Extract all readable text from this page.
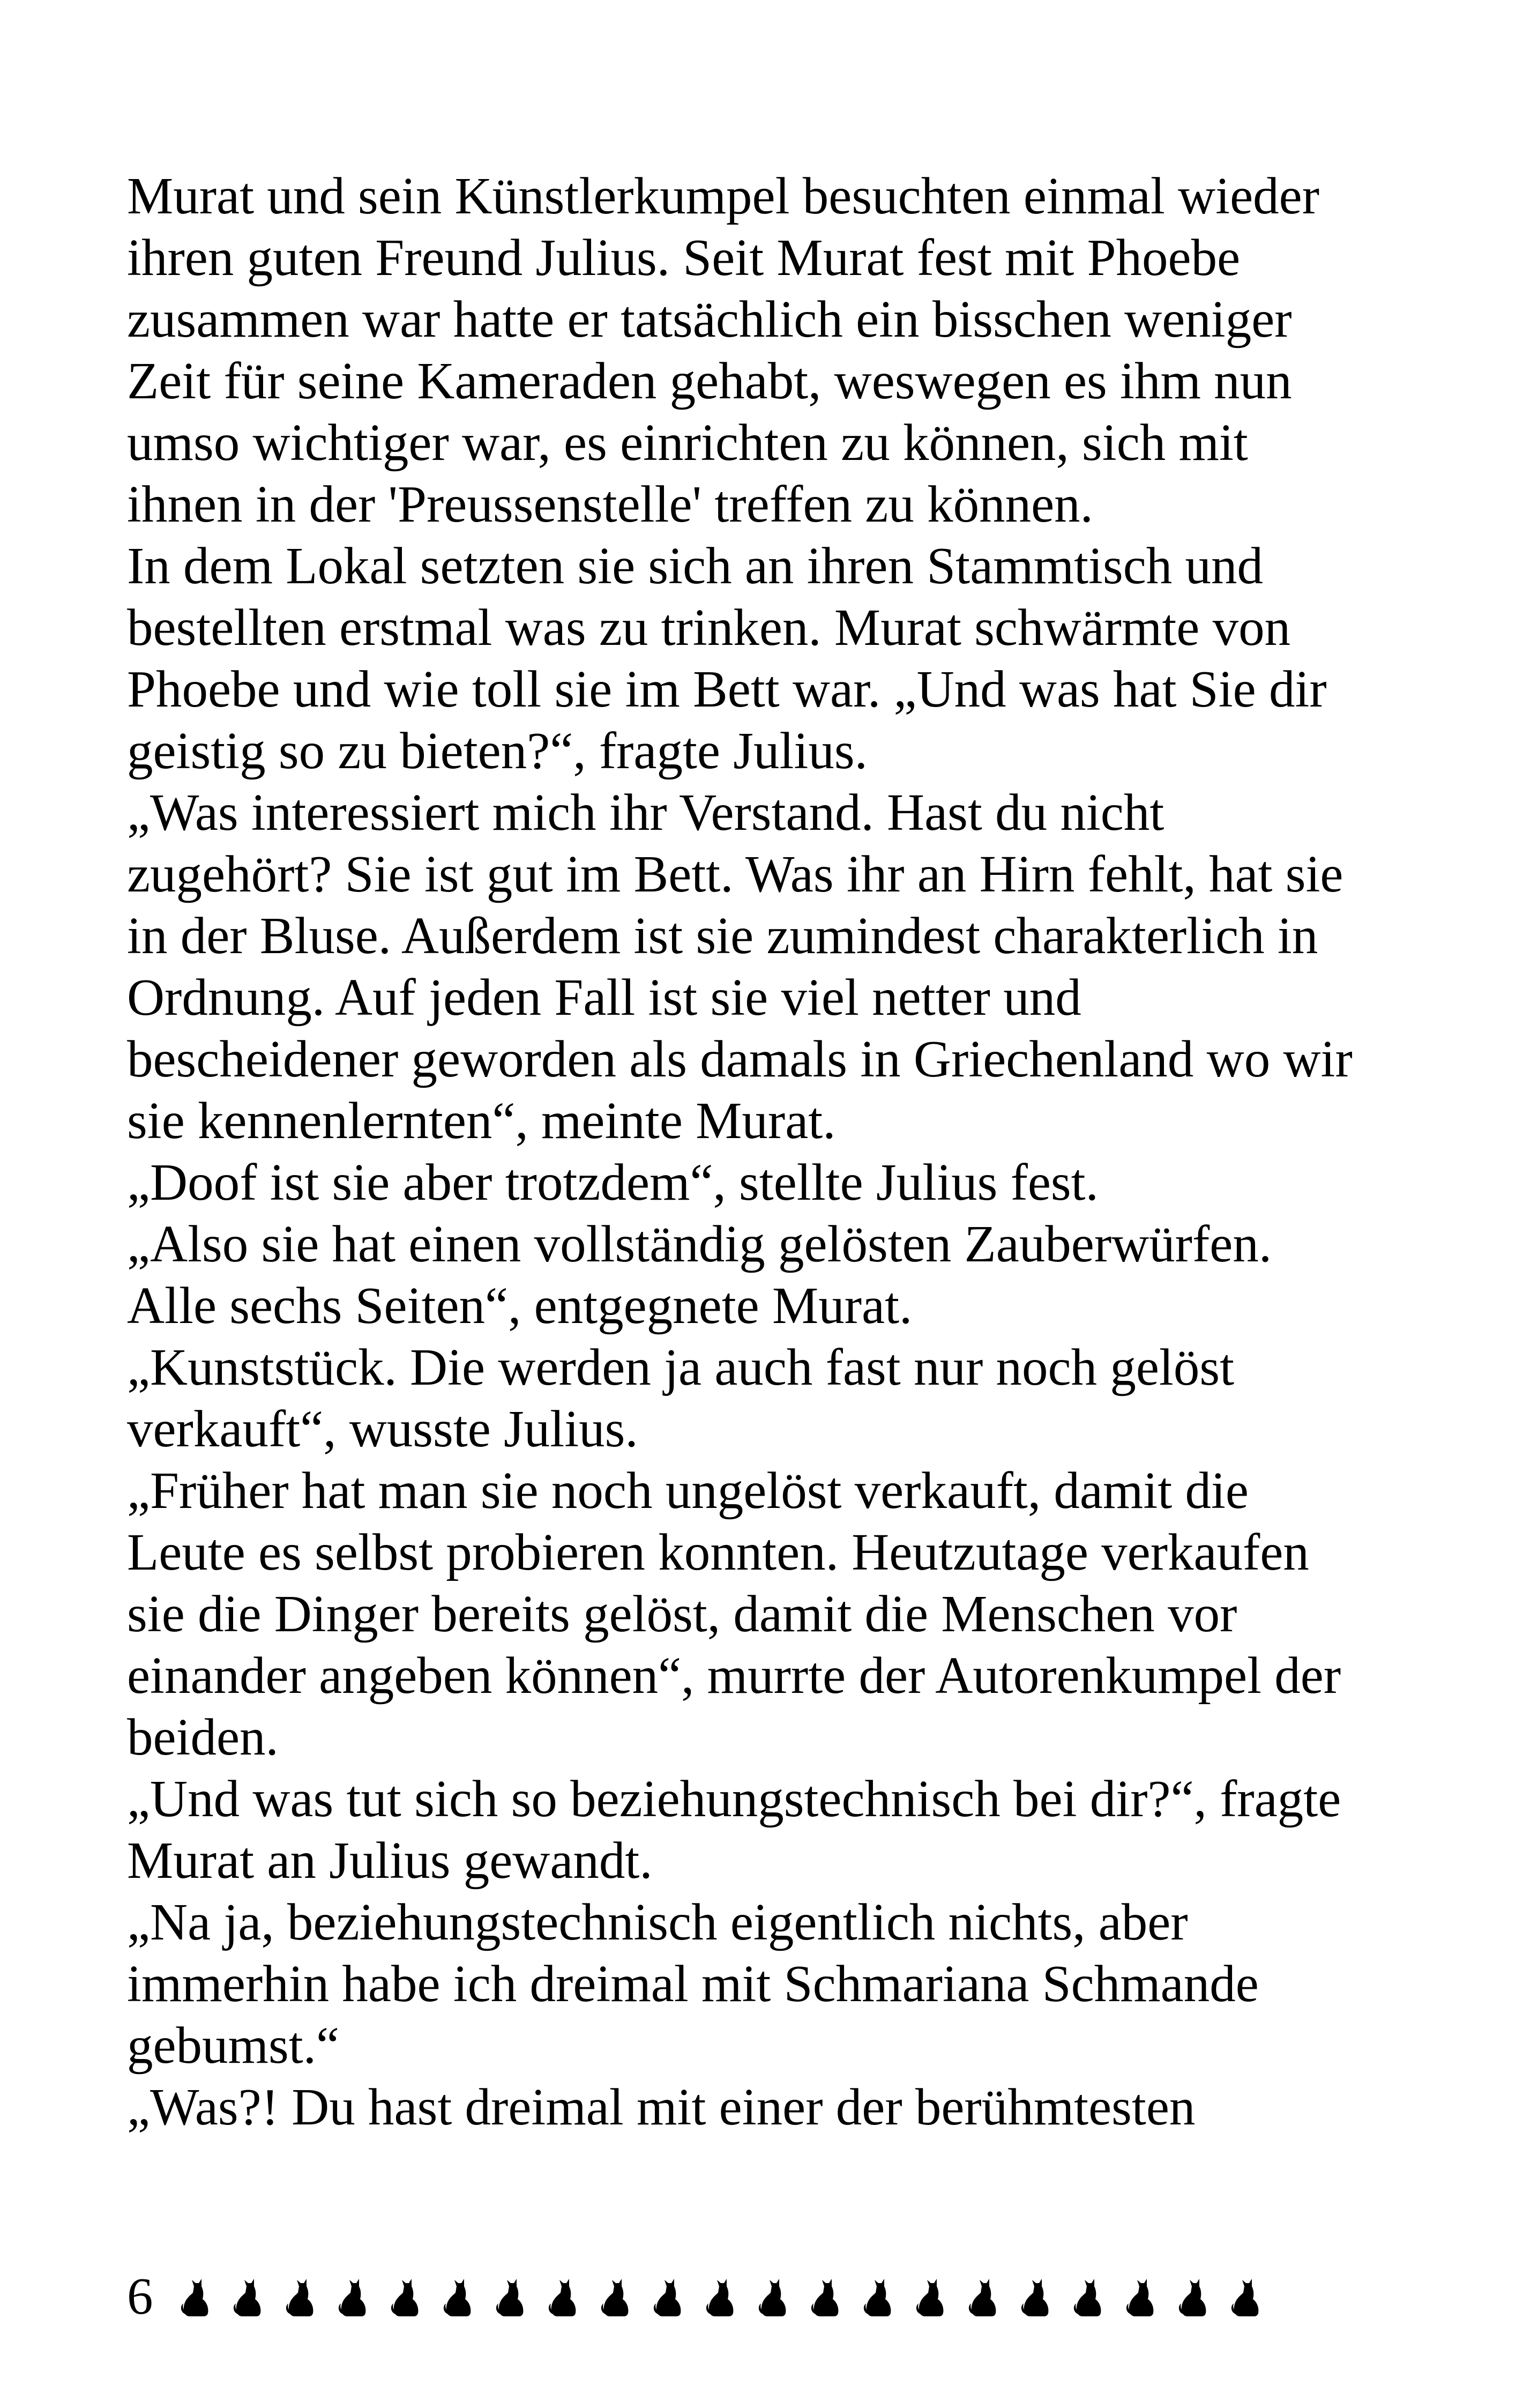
Murat und sein Künstlerkumpel besuchten einmal wieder
ihren guten Freund Julius. Seit Murat fest mit Phoebe
zusammen war hatte er tatsächlich ein bisschen weniger
Zeit für seine Kameraden gehabt, weswegen es ihm nun
umso wichtiger war, es einrichten zu können, sich mit
ihnen in der 'Preussenstelle' treffen zu können.
In dem Lokal setzten sie sich an ihren Stammtisch und
bestellten erstmal was zu trinken. Murat schwärmte von
Phoebe und wie toll sie im Bett war. „Und was hat Sie dir
geistig so zu bieten?“, fragte Julius.
„Was interessiert mich ihr Verstand. Hast du nicht
zugehört? Sie ist gut im Bett. Was ihr an Hirn fehlt, hat sie
in der Bluse. Außerdem ist sie zumindest charakterlich in
Ordnung. Auf jeden Fall ist sie viel netter und
bescheidener geworden als damals in Griechenland wo wir
sie kennenlernten“, meinte Murat.
„Doof ist sie aber trotzdem“, stellte Julius fest.
„Also sie hat einen vollständig gelösten Zauberwürfen.
Alle sechs Seiten“, entgegnete Murat.
„Kunststück. Die werden ja auch fast nur noch gelöst
verkauft“, wusste Julius.
„Früher hat man sie noch ungelöst verkauft, damit die
Leute es selbst probieren konnten. Heutzutage verkaufen
sie die Dinger bereits gelöst, damit die Menschen vor
einander angeben können“, murrte der Autorenkumpel der
beiden.
„Und was tut sich so beziehungstechnisch bei dir?“, fragte
Murat an Julius gewandt.
„Na ja, beziehungstechnisch eigentlich nichts, aber
immerhin habe ich dreimal mit Schmariana Schmande
gebumst.“
„Was?! Du hast dreimal mit einer der berühmtesten
6
